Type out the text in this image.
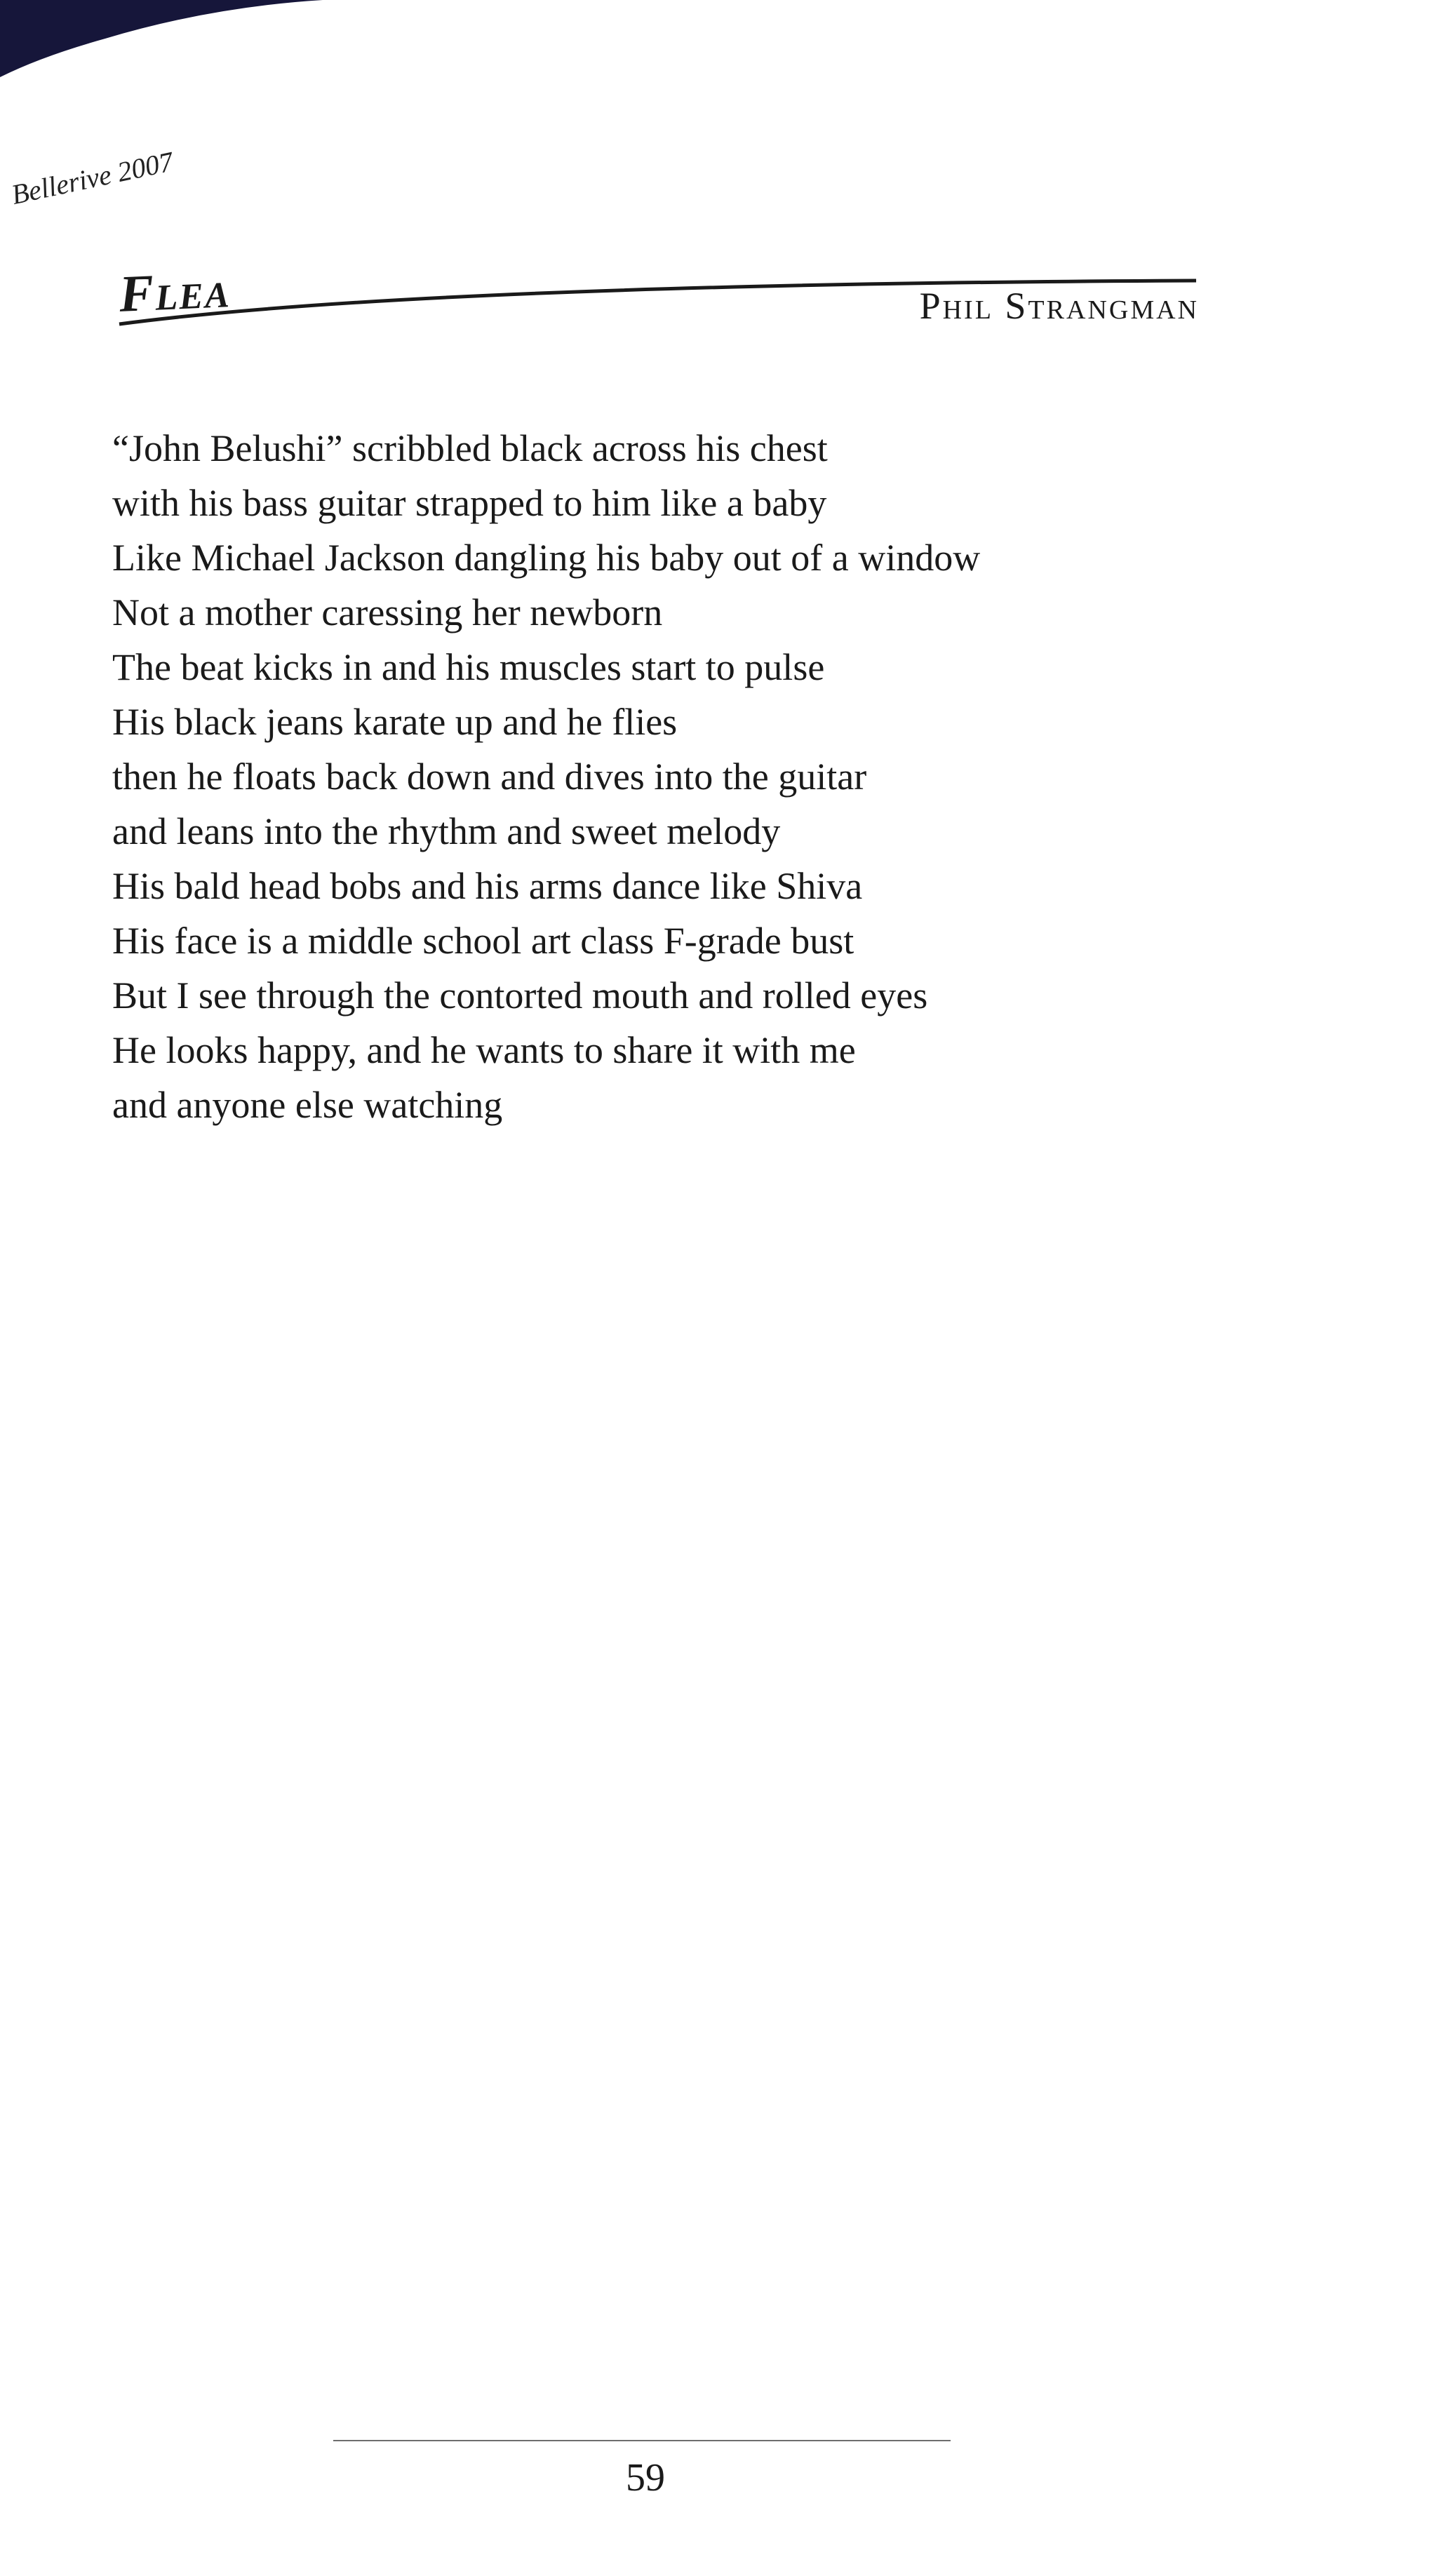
Bellerive 2007
Flea	Phil Strangman
“John Belushi” scribbled black across his chest
with his bass guitar strapped to him like a baby
Like Michael Jackson dangling his baby out of a window
Not a mother caressing her newborn
The beat kicks in and his muscles start to pulse
His black jeans karate up and he flies
then he floats back down and dives into the guitar
and leans into the rhythm and sweet melody
His bald head bobs and his arms dance like Shiva
His face is a middle school art class F-grade bust
But I see through the contorted mouth and rolled eyes
He looks happy, and he wants to share it with me
and anyone else watching
59
